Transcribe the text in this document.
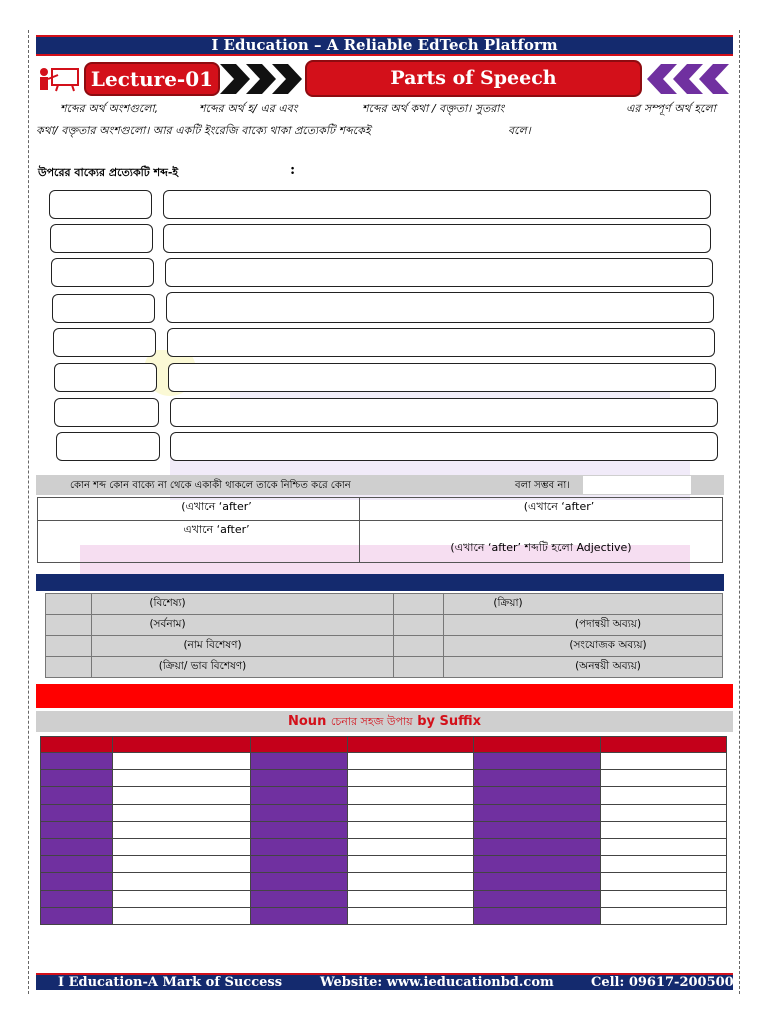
I Education – A Reliable EdTech Platform
Lecture-01	Parts of Speech
শব্দের অর্থ অংশগুলো,	শব্দের অর্থ হ/ এর এবং	শব্দের অর্থ কথা / বক্তৃতা। সুতরাং	এর সম্পূর্ণ অর্থ হলো
কথা/ বক্তৃতার অংশগুলো। আর একটি ইংরেজি বাক্যে থাকা প্রত্যেকটি শব্দকেই	বলে।
উপরের বাক্যের প্রত্যেকটি শব্দ-ই	:
কোন শব্দ কোন বাক্যে না থেকে একাকী থাকলে তাকে নিশ্চিত করে কোন	বলা সম্ভব না।
(এখানে ‘after’	(এখানে ‘after’
এখানে ‘after’	(এখানে ‘after’ শব্দটি হলো Adjective)
	(বিশেষ্য)		(ক্রিয়া)
	(সর্বনাম)		(পদান্বয়ী অব্যয়)
	(নাম বিশেষণ)		(সংযোজক অব্যয়)
	(ক্রিয়া/ ভাব বিশেষণ)		(অনন্বয়ী অব্যয়)
Noun চেনার সহজ উপায় by Suffix

I Education-A Mark of Success	Website: www.ieducationbd.com	Cell: 09617-200500
